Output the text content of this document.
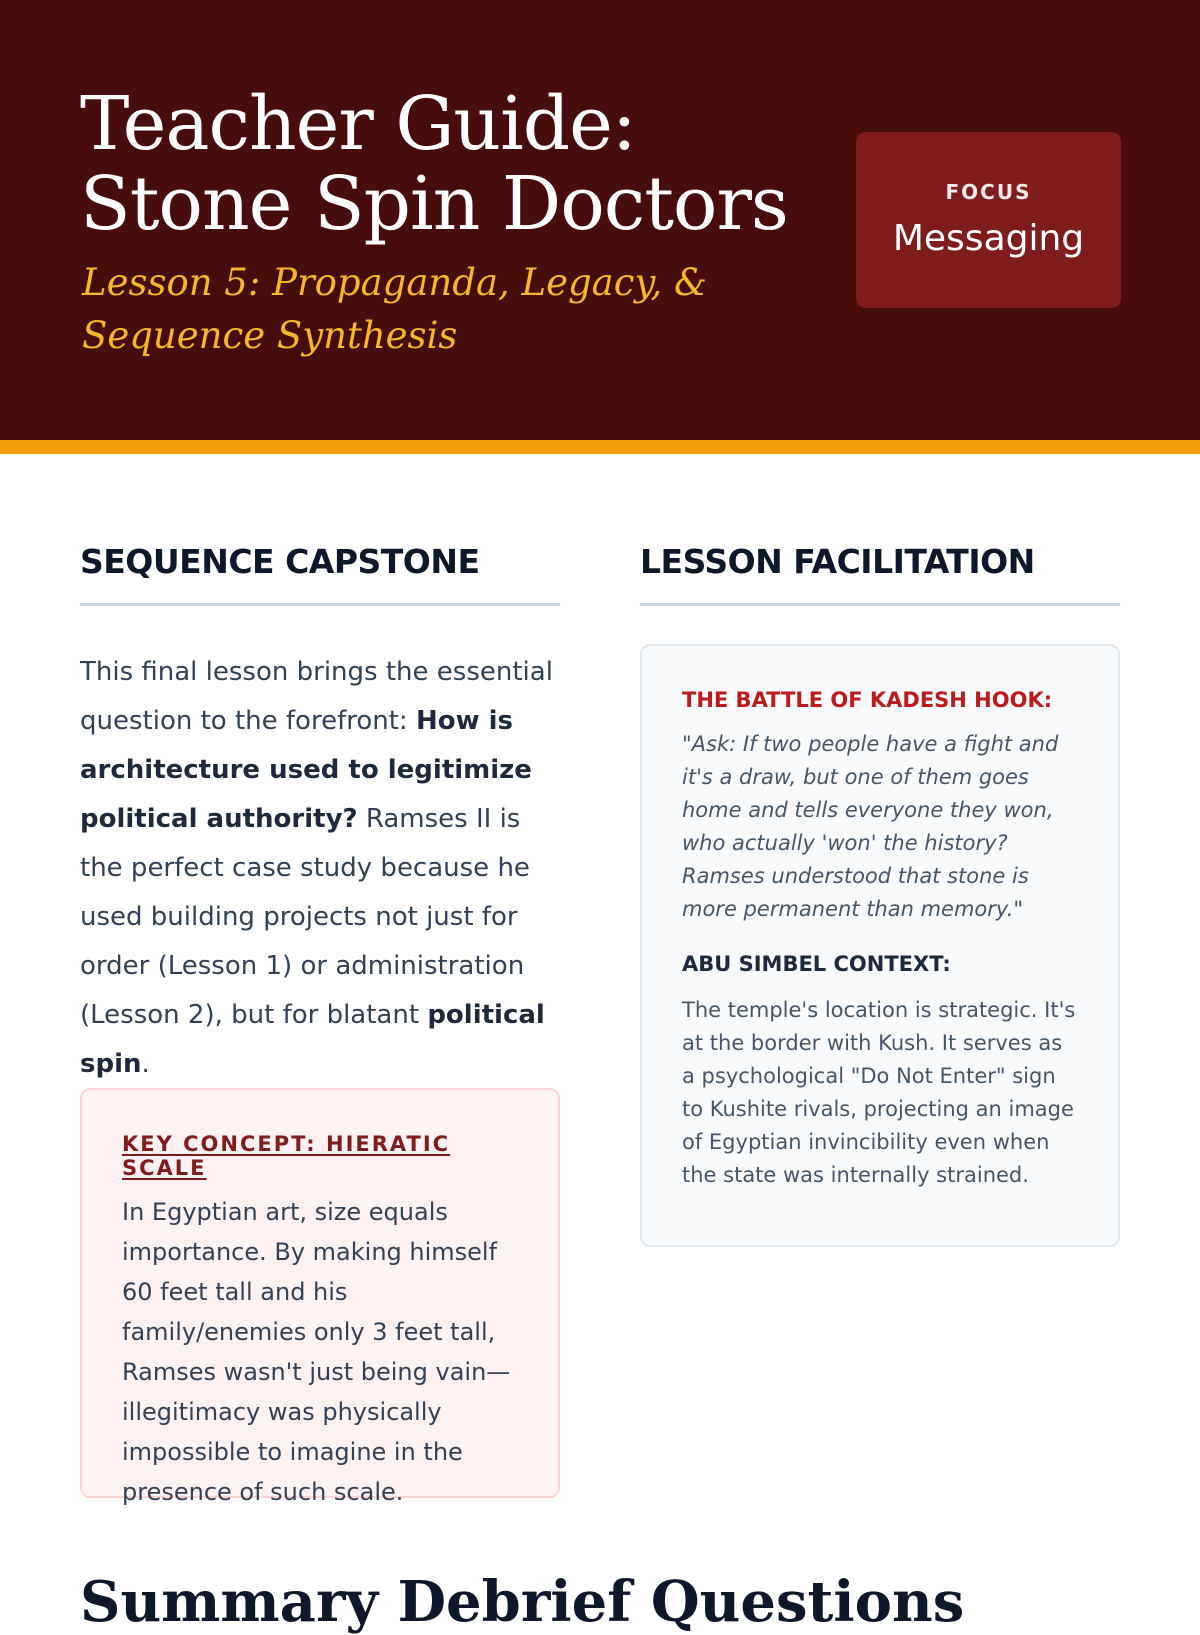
Teacher Guide: Stone Spin Doctors
Lesson 5: Propaganda, Legacy, & Sequence Synthesis
FOCUS
Messaging
SEQUENCE CAPSTONE	LESSON FACILITATION

This final lesson brings the essential question to the forefront: How is architecture used to legitimize political authority? Ramses II is the perfect case study because he used building projects not just for order (Lesson 1) or administration (Lesson 2), but for blatant political spin.

KEY CONCEPT: HIERATIC SCALE
In Egyptian art, size equals importance. By making himself 60 feet tall and his family/enemies only 3 feet tall, Ramses wasn't just being vain—illegitimacy was physically impossible to imagine in the presence of such scale.
THE BATTLE OF KADESH HOOK:
"Ask: If two people have a fight and it's a draw, but one of them goes home and tells everyone they won, who actually 'won' the history? Ramses understood that stone is more permanent than memory."
ABU SIMBEL CONTEXT:
The temple's location is strategic. It's at the border with Kush. It serves as a psychological "Do Not Enter" sign to Kushite rivals, projecting an image of Egyptian invincibility even when the state was internally strained.
Summary Debrief Questions
